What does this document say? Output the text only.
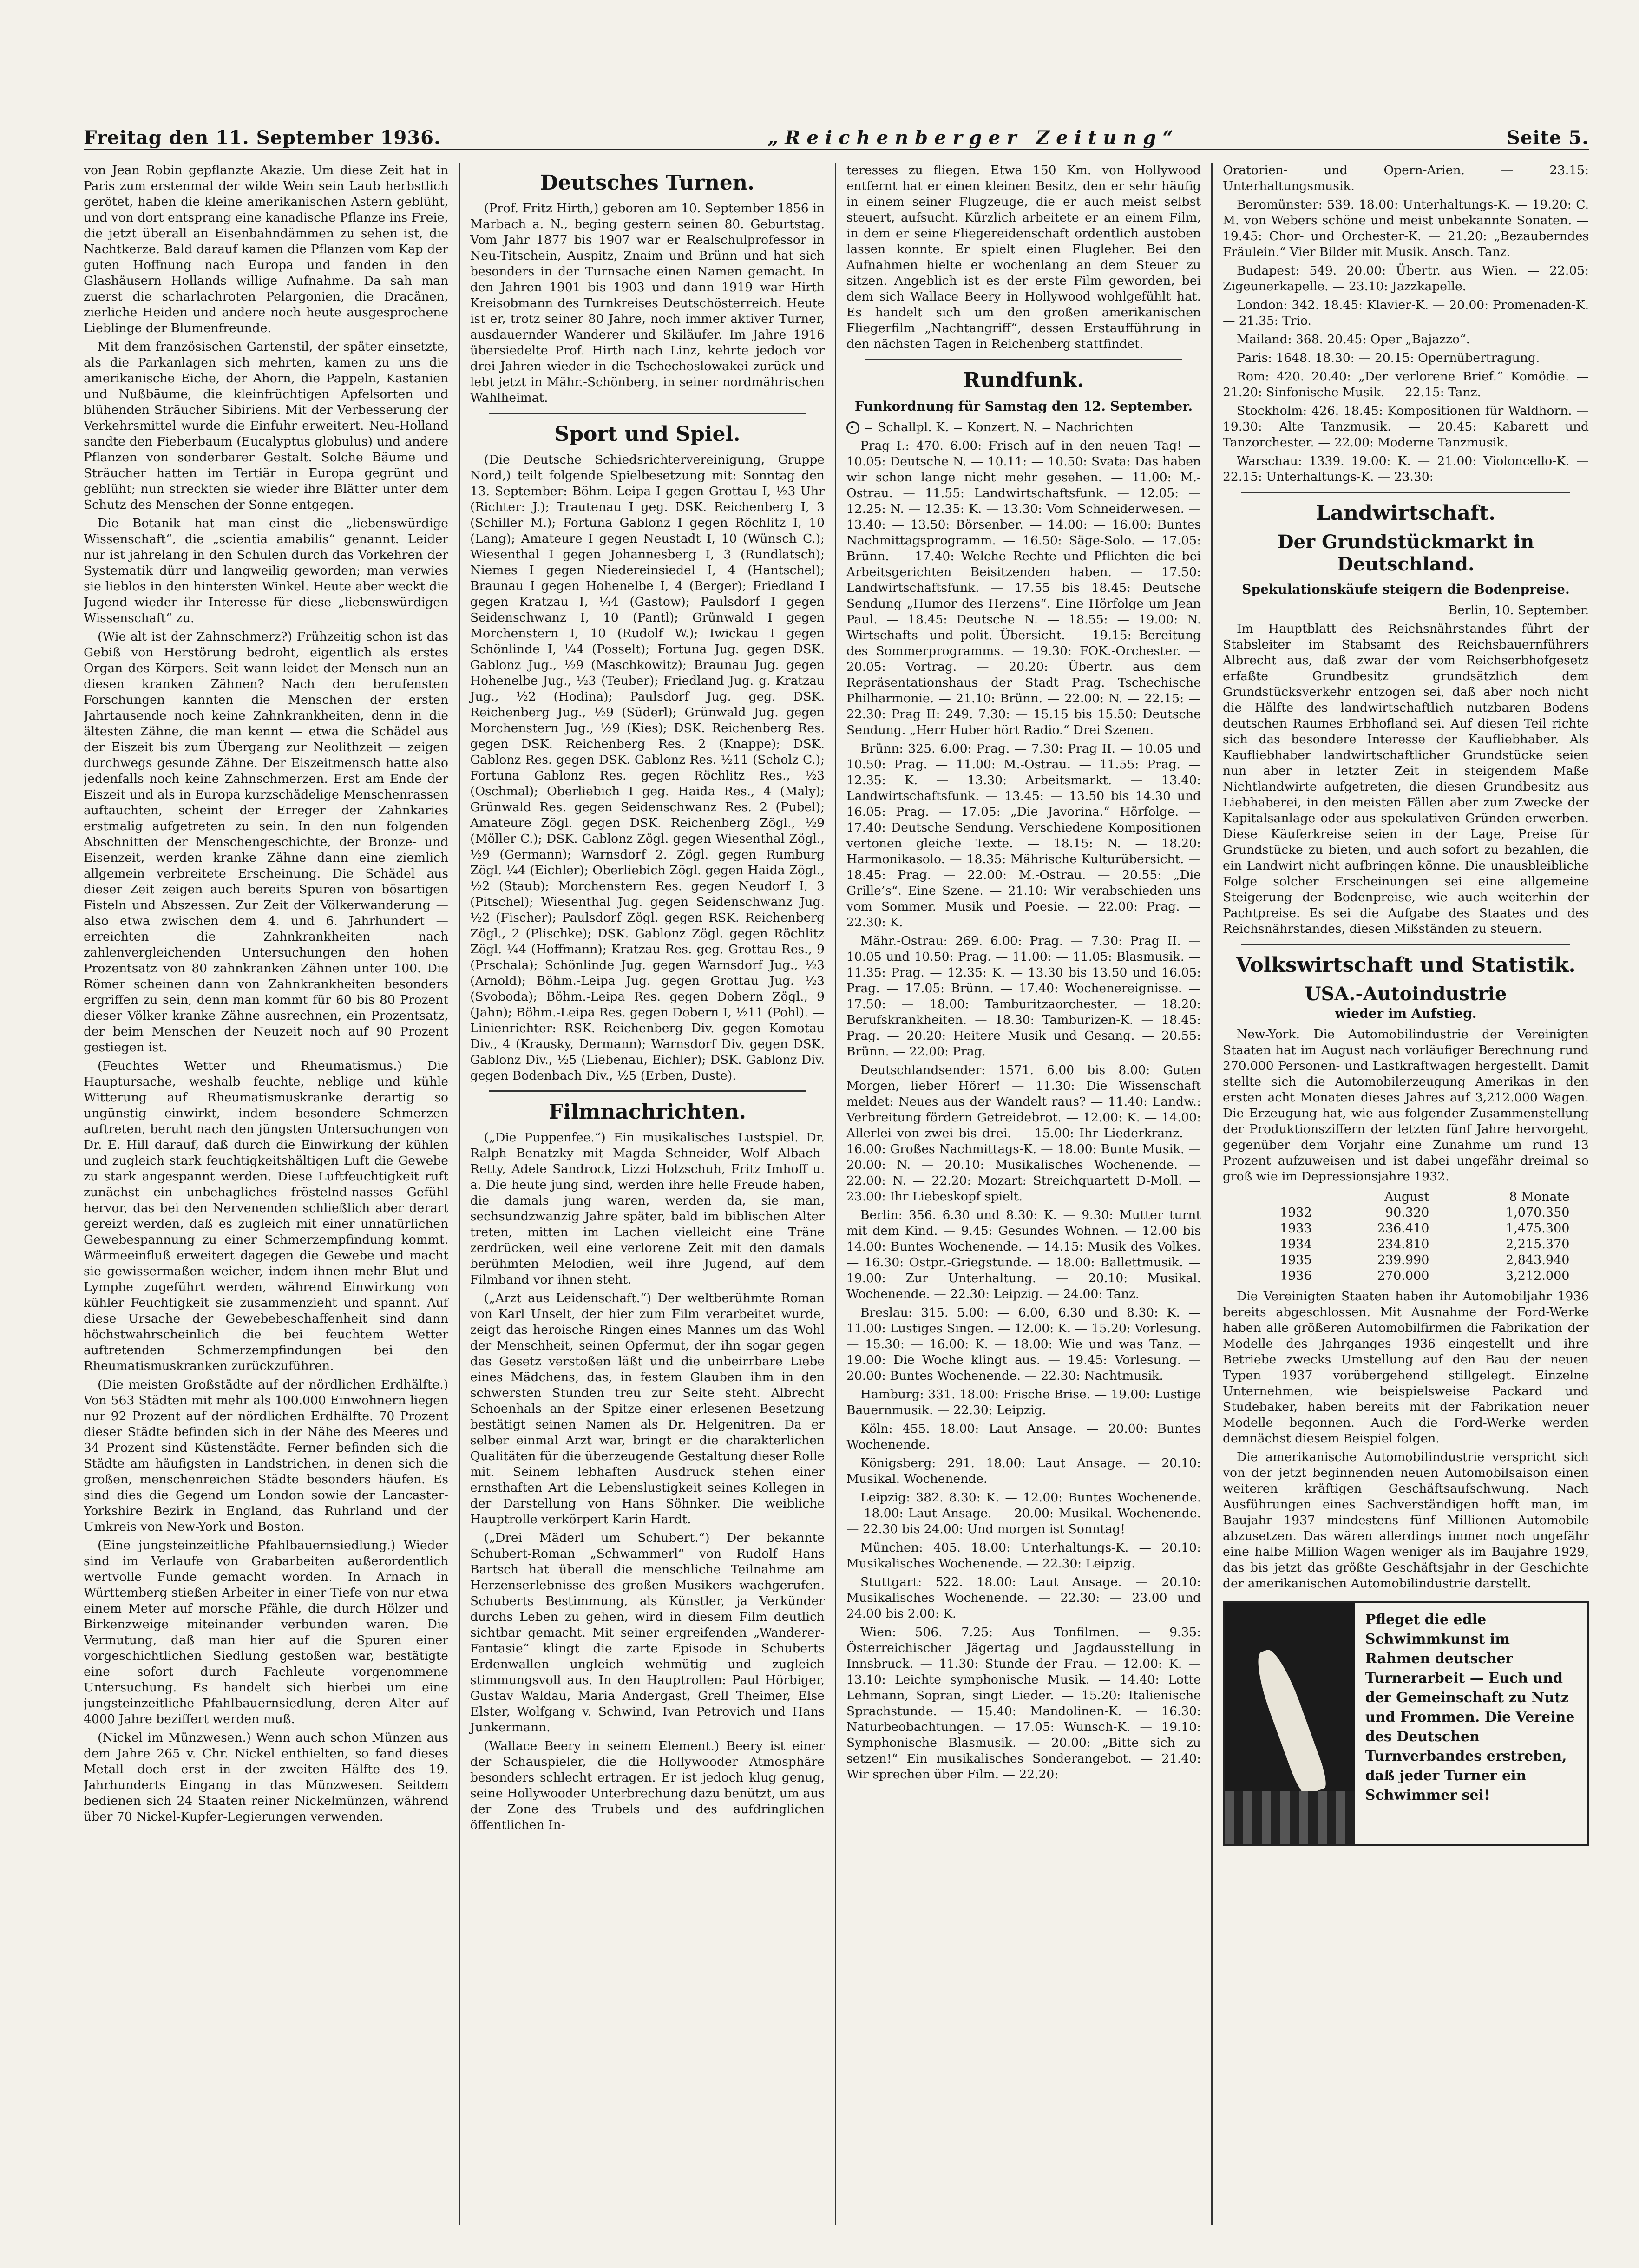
Freitag den 11. September 1936.	„Reichenberger Zeitung“	Seite 5.

von Jean Robin gepflanzte Akazie. Um diese Zeit hat in Paris zum erstenmal der wilde Wein sein Laub herbstlich gerötet, haben die kleine amerikanischen Astern geblüht, und von dort entsprang eine kanadische Pflanze ins Freie, die jetzt überall an Eisenbahndämmen zu sehen ist, die Nachtkerze. Bald darauf kamen die Pflanzen vom Kap der guten Hoffnung nach Europa und fanden in den Glashäusern Hollands willige Aufnahme. Da sah man zuerst die scharlachroten Pelargonien, die Dracänen, zierliche Heiden und andere noch heute ausgesprochene Lieblinge der Blumenfreunde.

Mit dem französischen Gartenstil, der später einsetzte, als die Parkanlagen sich mehrten, kamen zu uns die amerikanische Eiche, der Ahorn, die Pappeln, Kastanien und Nußbäume, die kleinfrüchtigen Apfelsorten und blühenden Sträucher Sibiriens. Mit der Verbesserung der Verkehrsmittel wurde die Einfuhr erweitert. Neu-Holland sandte den Fieberbaum (Eucalyptus globulus) und andere Pflanzen von sonderbarer Gestalt. Solche Bäume und Sträucher hatten im Tertiär in Europa gegrünt und geblüht; nun streckten sie wieder ihre Blätter unter dem Schutz des Menschen der Sonne entgegen.

Die Botanik hat man einst die „liebenswürdige Wissenschaft“, die „scientia amabilis“ genannt. Leider nur ist jahrelang in den Schulen durch das Vorkehren der Systematik dürr und langweilig geworden; man verwies sie lieblos in den hintersten Winkel. Heute aber weckt die Jugend wieder ihr Interesse für diese „liebenswürdigen Wissenschaft“ zu.

(Wie alt ist der Zahnschmerz?) Frühzeitig schon ist das Gebiß von Herstörung bedroht, eigentlich als erstes Organ des Körpers. Seit wann leidet der Mensch nun an diesen kranken Zähnen? Nach den berufensten Forschungen kannten die Menschen der ersten Jahrtausende noch keine Zahnkrankheiten, denn in die ältesten Zähne, die man kennt — etwa die Schädel aus der Eiszeit bis zum Übergang zur Neolithzeit — zeigen durchwegs gesunde Zähne. Der Eiszeitmensch hatte also jedenfalls noch keine Zahnschmerzen. Erst am Ende der Eiszeit und als in Europa kurzschädelige Menschenrassen auftauchten, scheint der Erreger der Zahnkaries erstmalig aufgetreten zu sein. In den nun folgenden Abschnitten der Menschengeschichte, der Bronze- und Eisenzeit, werden kranke Zähne dann eine ziemlich allgemein verbreitete Erscheinung. Die Schädel aus dieser Zeit zeigen auch bereits Spuren von bösartigen Fisteln und Abszessen. Zur Zeit der Völkerwanderung — also etwa zwischen dem 4. und 6. Jahrhundert — erreichten die Zahnkrankheiten nach zahlenvergleichenden Untersuchungen den hohen Prozentsatz von 80 zahnkranken Zähnen unter 100. Die Römer scheinen dann von Zahnkrankheiten besonders ergriffen zu sein, denn man kommt für 60 bis 80 Prozent dieser Völker kranke Zähne ausrechnen, ein Prozentsatz, der beim Menschen der Neuzeit noch auf 90 Prozent gestiegen ist.

(Feuchtes Wetter und Rheumatismus.) Die Hauptursache, weshalb feuchte, neblige und kühle Witterung auf Rheumatismuskranke derartig so ungünstig einwirkt, indem besondere Schmerzen auftreten, beruht nach den jüngsten Untersuchungen von Dr. E. Hill darauf, daß durch die Einwirkung der kühlen und zugleich stark feuchtigkeitshältigen Luft die Gewebe zu stark angespannt werden. Diese Luftfeuchtigkeit ruft zunächst ein unbehagliches fröstelnd-nasses Gefühl hervor, das bei den Nervenenden schließlich aber derart gereizt werden, daß es zugleich mit einer unnatürlichen Gewebespannung zu einer Schmerzempfindung kommt. Wärmeeinfluß erweitert dagegen die Gewebe und macht sie gewissermaßen weicher, indem ihnen mehr Blut und Lymphe zugeführt werden, während Einwirkung von kühler Feuchtigkeit sie zusammenzieht und spannt. Auf diese Ursache der Gewebebeschaffenheit sind dann höchstwahrscheinlich die bei feuchtem Wetter auftretenden Schmerzempfindungen bei den Rheumatismuskranken zurückzuführen.

(Die meisten Großstädte auf der nördlichen Erdhälfte.) Von 563 Städten mit mehr als 100.000 Einwohnern liegen nur 92 Prozent auf der nördlichen Erdhälfte. 70 Prozent dieser Städte befinden sich in der Nähe des Meeres und 34 Prozent sind Küstenstädte. Ferner befinden sich die Städte am häufigsten in Landstrichen, in denen sich die großen, menschenreichen Städte besonders häufen. Es sind dies die Gegend um London sowie der Lancaster-Yorkshire Bezirk in England, das Ruhrland und der Umkreis von New-York und Boston.

(Eine jungsteinzeitliche Pfahlbauernsiedlung.) Wieder sind im Verlaufe von Grabarbeiten außerordentlich wertvolle Funde gemacht worden. In Arnach in Württemberg stießen Arbeiter in einer Tiefe von nur etwa einem Meter auf morsche Pfähle, die durch Hölzer und Birkenzweige miteinander verbunden waren. Die Vermutung, daß man hier auf die Spuren einer vorgeschichtlichen Siedlung gestoßen war, bestätigte eine sofort durch Fachleute vorgenommene Untersuchung. Es handelt sich hierbei um eine jungsteinzeitliche Pfahlbauernsiedlung, deren Alter auf 4000 Jahre beziffert werden muß.

(Nickel im Münzwesen.) Wenn auch schon Münzen aus dem Jahre 265 v. Chr. Nickel enthielten, so fand dieses Metall doch erst in der zweiten Hälfte des 19. Jahrhunderts Eingang in das Münzwesen. Seitdem bedienen sich 24 Staaten reiner Nickelmünzen, während über 70 Nickel-Kupfer-Legierungen verwenden.

Deutsches Turnen.

(Prof. Fritz Hirth,) geboren am 10. September 1856 in Marbach a. N., beging gestern seinen 80. Geburtstag. Vom Jahr 1877 bis 1907 war er Realschulprofessor in Neu-Titschein, Auspitz, Znaim und Brünn und hat sich besonders in der Turnsache einen Namen gemacht. In den Jahren 1901 bis 1903 und dann 1919 war Hirth Kreisobmann des Turnkreises Deutschösterreich. Heute ist er, trotz seiner 80 Jahre, noch immer aktiver Turner, ausdauernder Wanderer und Skiläufer. Im Jahre 1916 übersiedelte Prof. Hirth nach Linz, kehrte jedoch vor drei Jahren wieder in die Tschechoslowakei zurück und lebt jetzt in Mähr.-Schönberg, in seiner nordmährischen Wahlheimat.

Sport und Spiel.

(Die Deutsche Schiedsrichtervereinigung, Gruppe Nord,) teilt folgende Spielbesetzung mit: Sonntag den 13. September: Böhm.-Leipa I gegen Grottau I, ½3 Uhr (Richter: J.); Trautenau I geg. DSK. Reichenberg I, 3 (Schiller M.); Fortuna Gablonz I gegen Röchlitz I, 10 (Lang); Amateure I gegen Neustadt I, 10 (Wünsch C.); Wiesenthal I gegen Johannesberg I, 3 (Rundlatsch); Niemes I gegen Niedereinsiedel I, 4 (Hantschel); Braunau I gegen Hohenelbe I, 4 (Berger); Friedland I gegen Kratzau I, ¼4 (Gastow); Paulsdorf I gegen Seidenschwanz I, 10 (Pantl); Grünwald I gegen Morchenstern I, 10 (Rudolf W.); Iwickau I gegen Schönlinde I, ¼4 (Posselt); Fortuna Jug. gegen DSK. Gablonz Jug., ½9 (Maschkowitz); Braunau Jug. gegen Hohenelbe Jug., ½3 (Teuber); Friedland Jug. g. Kratzau Jug., ½2 (Hodina); Paulsdorf Jug. geg. DSK. Reichenberg Jug., ½9 (Süderl); Grünwald Jug. gegen Morchenstern Jug., ½9 (Kies); DSK. Reichenberg Res. gegen DSK. Reichenberg Res. 2 (Knappe); DSK. Gablonz Res. gegen DSK. Gablonz Res. ½11 (Scholz C.); Fortuna Gablonz Res. gegen Röchlitz Res., ½3 (Oschmal); Oberliebich I geg. Haida Res., 4 (Maly); Grünwald Res. gegen Seidenschwanz Res. 2 (Pubel); Amateure Zögl. gegen DSK. Reichenberg Zögl., ½9 (Möller C.); DSK. Gablonz Zögl. gegen Wiesenthal Zögl., ½9 (Germann); Warnsdorf 2. Zögl. gegen Rumburg Zögl. ¼4 (Eichler); Oberliebich Zögl. gegen Haida Zögl., ½2 (Staub); Morchenstern Res. gegen Neudorf I, 3 (Pitschel); Wiesenthal Jug. gegen Seidenschwanz Jug. ½2 (Fischer); Paulsdorf Zögl. gegen RSK. Reichenberg Zögl., 2 (Plischke); DSK. Gablonz Zögl. gegen Röchlitz Zögl. ¼4 (Hoffmann); Kratzau Res. geg. Grottau Res., 9 (Prschala); Schönlinde Jug. gegen Warnsdorf Jug., ½3 (Arnold); Böhm.-Leipa Jug. gegen Grottau Jug. ½3 (Svoboda); Böhm.-Leipa Res. gegen Dobern Zögl., 9 (Jahn); Böhm.-Leipa Res. gegen Dobern I, ½11 (Pohl). — Linienrichter: RSK. Reichenberg Div. gegen Komotau Div., 4 (Krausky, Dermann); Warnsdorf Div. gegen DSK. Gablonz Div., ½5 (Liebenau, Eichler); DSK. Gablonz Div. gegen Bodenbach Div., ½5 (Erben, Duste).

Filmnachrichten.

(„Die Puppenfee.“) Ein musikalisches Lustspiel. Dr. Ralph Benatzky mit Magda Schneider, Wolf Albach-Retty, Adele Sandrock, Lizzi Holzschuh, Fritz Imhoff u. a. Die heute jung sind, werden ihre helle Freude haben, die damals jung waren, werden da, sie man, sechsundzwanzig Jahre später, bald im biblischen Alter treten, mitten im Lachen vielleicht eine Träne zerdrücken, weil eine verlorene Zeit mit den damals berühmten Melodien, weil ihre Jugend, auf dem Filmband vor ihnen steht.

(„Arzt aus Leidenschaft.“) Der weltberühmte Roman von Karl Unselt, der hier zum Film verarbeitet wurde, zeigt das heroische Ringen eines Mannes um das Wohl der Menschheit, seinen Opfermut, der ihn sogar gegen das Gesetz verstoßen läßt und die unbeirrbare Liebe eines Mädchens, das, in festem Glauben ihm in den schwersten Stunden treu zur Seite steht. Albrecht Schoenhals an der Spitze einer erlesenen Besetzung bestätigt seinen Namen als Dr. Helgenitren. Da er selber einmal Arzt war, bringt er die charakterlichen Qualitäten für die überzeugende Gestaltung dieser Rolle mit. Seinem lebhaften Ausdruck stehen einer ernsthaften Art die Lebenslustigkeit seines Kollegen in der Darstellung von Hans Söhnker. Die weibliche Hauptrolle verkörpert Karin Hardt.

(„Drei Mäderl um Schubert.“) Der bekannte Schubert-Roman „Schwammerl“ von Rudolf Hans Bartsch hat überall die menschliche Teilnahme am Herzenserlebnisse des großen Musikers wachgerufen. Schuberts Bestimmung, als Künstler, ja Verkünder durchs Leben zu gehen, wird in diesem Film deutlich sichtbar gemacht. Mit seiner ergreifenden „Wanderer-Fantasie“ klingt die zarte Episode in Schuberts Erdenwallen ungleich wehmütig und zugleich stimmungsvoll aus. In den Hauptrollen: Paul Hörbiger, Gustav Waldau, Maria Andergast, Grell Theimer, Else Elster, Wolfgang v. Schwind, Ivan Petrovich und Hans Junkermann.

(Wallace Beery in seinem Element.) Beery ist einer der Schauspieler, die die Hollywooder Atmosphäre besonders schlecht ertragen. Er ist jedoch klug genug, seine Hollywooder Unterbrechung dazu benützt, um aus der Zone des Trubels und des aufdringlichen öffentlichen In-

teresses zu fliegen. Etwa 150 Km. von Hollywood entfernt hat er einen kleinen Besitz, den er sehr häufig in einem seiner Flugzeuge, die er auch meist selbst steuert, aufsucht. Kürzlich arbeitete er an einem Film, in dem er seine Fliegereidenschaft ordentlich austoben lassen konnte. Er spielt einen Flugleher. Bei den Aufnahmen hielte er wochenlang an dem Steuer zu sitzen. Angeblich ist es der erste Film geworden, bei dem sich Wallace Beery in Hollywood wohlgefühlt hat. Es handelt sich um den großen amerikanischen Fliegerfilm „Nachtangriff“, dessen Erstaufführung in den nächsten Tagen in Reichenberg stattfindet.

Rundfunk.
Funkordnung für Samstag den 12. September.

= Schallpl. K. = Konzert. N. = Nachrichten

Prag I.: 470. 6.00: Frisch auf in den neuen Tag! — 10.05: Deutsche N. — 10.11: — 10.50: Svata: Das haben wir schon lange nicht mehr gesehen. — 11.00: M.-Ostrau. — 11.55: Landwirtschaftsfunk. — 12.05: — 12.25: N. — 12.35: K. — 13.30: Vom Schneiderwesen. — 13.40: — 13.50: Börsenber. — 14.00: — 16.00: Buntes Nachmittagsprogramm. — 16.50: Säge-Solo. — 17.05: Brünn. — 17.40: Welche Rechte und Pflichten die bei Arbeitsgerichten Beisitzenden haben. — 17.50: Landwirtschaftsfunk. — 17.55 bis 18.45: Deutsche Sendung „Humor des Herzens“. Eine Hörfolge um Jean Paul. — 18.45: Deutsche N. — 18.55: — 19.00: N. Wirtschafts- und polit. Übersicht. — 19.15: Bereitung des Sommerprogramms. — 19.30: FOK.-Orchester. — 20.05: Vortrag. — 20.20: Übertr. aus dem Repräsentationshaus der Stadt Prag. Tschechische Philharmonie. — 21.10: Brünn. — 22.00: N. — 22.15: — 22.30: Prag II: 249. 7.30: — 15.15 bis 15.50: Deutsche Sendung. „Herr Huber hört Radio.“ Drei Szenen.

Brünn: 325. 6.00: Prag. — 7.30: Prag II. — 10.05 und 10.50: Prag. — 11.00: M.-Ostrau. — 11.55: Prag. — 12.35: K. — 13.30: Arbeitsmarkt. — 13.40: Landwirtschaftsfunk. — 13.45: — 13.50 bis 14.30 und 16.05: Prag. — 17.05: „Die Javorina.“ Hörfolge. — 17.40: Deutsche Sendung. Verschiedene Kompositionen vertonen gleiche Texte. — 18.15: N. — 18.20: Harmonikasolo. — 18.35: Mährische Kulturübersicht. — 18.45: Prag. — 22.00: M.-Ostrau. — 20.55: „Die Grille’s“. Eine Szene. — 21.10: Wir verabschieden uns vom Sommer. Musik und Poesie. — 22.00: Prag. — 22.30: K.

Mähr.-Ostrau: 269. 6.00: Prag. — 7.30: Prag II. — 10.05 und 10.50: Prag. — 11.00: — 11.05: Blasmusik. — 11.35: Prag. — 12.35: K. — 13.30 bis 13.50 und 16.05: Prag. — 17.05: Brünn. — 17.40: Wochenereignisse. — 17.50: — 18.00: Tamburitzaorchester. — 18.20: Berufskrankheiten. — 18.30: Tamburizen-K. — 18.45: Prag. — 20.20: Heitere Musik und Gesang. — 20.55: Brünn. — 22.00: Prag.

Deutschlandsender: 1571. 6.00 bis 8.00: Guten Morgen, lieber Hörer! — 11.30: Die Wissenschaft meldet: Neues aus der Wandelt raus? — 11.40: Landw.: Verbreitung fördern Getreidebrot. — 12.00: K. — 14.00: Allerlei von zwei bis drei. — 15.00: Ihr Liederkranz. — 16.00: Großes Nachmittags-K. — 18.00: Bunte Musik. — 20.00: N. — 20.10: Musikalisches Wochenende. — 22.00: N. — 22.20: Mozart: Streichquartett D-Moll. — 23.00: Ihr Liebeskopf spielt.

Berlin: 356. 6.30 und 8.30: K. — 9.30: Mutter turnt mit dem Kind. — 9.45: Gesundes Wohnen. — 12.00 bis 14.00: Buntes Wochenende. — 14.15: Musik des Volkes. — 16.30: Ostpr.-Griegstunde. — 18.00: Ballettmusik. — 19.00: Zur Unterhaltung. — 20.10: Musikal. Wochenende. — 22.30: Leipzig. — 24.00: Tanz.

Breslau: 315. 5.00: — 6.00, 6.30 und 8.30: K. — 11.00: Lustiges Singen. — 12.00: K. — 15.20: Vorlesung. — 15.30: — 16.00: K. — 18.00: Wie und was Tanz. — 19.00: Die Woche klingt aus. — 19.45: Vorlesung. — 20.00: Buntes Wochenende. — 22.30: Nachtmusik.

Hamburg: 331. 18.00: Frische Brise. — 19.00: Lustige Bauernmusik. — 22.30: Leipzig.

Köln: 455. 18.00: Laut Ansage. — 20.00: Buntes Wochenende.

Königsberg: 291. 18.00: Laut Ansage. — 20.10: Musikal. Wochenende.

Leipzig: 382. 8.30: K. — 12.00: Buntes Wochenende. — 18.00: Laut Ansage. — 20.00: Musikal. Wochenende. — 22.30 bis 24.00: Und morgen ist Sonntag!

München: 405. 18.00: Unterhaltungs-K. — 20.10: Musikalisches Wochenende. — 22.30: Leipzig.

Stuttgart: 522. 18.00: Laut Ansage. — 20.10: Musikalisches Wochenende. — 22.30: — 23.00 und 24.00 bis 2.00: K.

Wien: 506. 7.25: Aus Tonfilmen. — 9.35: Österreichischer Jägertag und Jagdausstellung in Innsbruck. — 11.30: Stunde der Frau. — 12.00: K. — 13.10: Leichte symphonische Musik. — 14.40: Lotte Lehmann, Sopran, singt Lieder. — 15.20: Italienische Sprachstunde. — 15.40: Mandolinen-K. — 16.30: Naturbeobachtungen. — 17.05: Wunsch-K. — 19.10: Symphonische Blasmusik. — 20.00: „Bitte sich zu setzen!“ Ein musikalisches Sonderangebot. — 21.40: Wir sprechen über Film. — 22.20:

Oratorien- und Opern-Arien. — 23.15: Unterhaltungsmusik.

Beromünster: 539. 18.00: Unterhaltungs-K. — 19.20: C. M. von Webers schöne und meist unbekannte Sonaten. — 19.45: Chor- und Orchester-K. — 21.20: „Bezauberndes Fräulein.“ Vier Bilder mit Musik. Ansch. Tanz.

Budapest: 549. 20.00: Übertr. aus Wien. — 22.05: Zigeunerkapelle. — 23.10: Jazzkapelle.

London: 342. 18.45: Klavier-K. — 20.00: Promenaden-K. — 21.35: Trio.

Mailand: 368. 20.45: Oper „Bajazzo“.

Paris: 1648. 18.30: — 20.15: Opernübertragung.

Rom: 420. 20.40: „Der verlorene Brief.“ Komödie. — 21.20: Sinfonische Musik. — 22.15: Tanz.

Stockholm: 426. 18.45: Kompositionen für Waldhorn. — 19.30: Alte Tanzmusik. — 20.45: Kabarett und Tanzorchester. — 22.00: Moderne Tanzmusik.

Warschau: 1339. 19.00: K. — 21.00: Violoncello-K. — 22.15: Unterhaltungs-K. — 23.30:

Landwirtschaft.
Der Grundstückmarkt in Deutschland.
Spekulationskäufe steigern die Bodenpreise.

Berlin, 10. September.

Im Hauptblatt des Reichsnährstandes führt der Stabsleiter im Stabsamt des Reichsbauernführers Albrecht aus, daß zwar der vom Reichserbhofgesetz erfaßte Grundbesitz grundsätzlich dem Grundstücksverkehr entzogen sei, daß aber noch nicht die Hälfte des landwirtschaftlich nutzbaren Bodens deutschen Raumes Erbhofland sei. Auf diesen Teil richte sich das besondere Interesse der Kaufliebhaber. Als Kaufliebhaber landwirtschaftlicher Grundstücke seien nun aber in letzter Zeit in steigendem Maße Nichtlandwirte aufgetreten, die diesen Grundbesitz aus Liebhaberei, in den meisten Fällen aber zum Zwecke der Kapitalsanlage oder aus spekulativen Gründen erwerben. Diese Käuferkreise seien in der Lage, Preise für Grundstücke zu bieten, und auch sofort zu bezahlen, die ein Landwirt nicht aufbringen könne. Die unausbleibliche Folge solcher Erscheinungen sei eine allgemeine Steigerung der Bodenpreise, wie auch weiterhin der Pachtpreise. Es sei die Aufgabe des Staates und des Reichsnährstandes, diesen Mißständen zu steuern.

Volkswirtschaft und Statistik.
USA.-Autoindustrie
wieder im Aufstieg.

New-York. Die Automobilindustrie der Vereinigten Staaten hat im August nach vorläufiger Berechnung rund 270.000 Personen- und Lastkraftwagen hergestellt. Damit stellte sich die Automobilerzeugung Amerikas in den ersten acht Monaten dieses Jahres auf 3,212.000 Wagen. Die Erzeugung hat, wie aus folgender Zusammenstellung der Produktionsziffern der letzten fünf Jahre hervorgeht, gegenüber dem Vorjahr eine Zunahme um rund 13 Prozent aufzuweisen und ist dabei ungefähr dreimal so groß wie im Depressionsjahre 1932.

	August	8 Monate
1932	90.320	1,070.350
1933	236.410	1,475.300
1934	234.810	2,215.370
1935	239.990	2,843.940
1936	270.000	3,212.000

Die Vereinigten Staaten haben ihr Automobiljahr 1936 bereits abgeschlossen. Mit Ausnahme der Ford-Werke haben alle größeren Automobilfirmen die Fabrikation der Modelle des Jahrganges 1936 eingestellt und ihre Betriebe zwecks Umstellung auf den Bau der neuen Typen 1937 vorübergehend stillgelegt. Einzelne Unternehmen, wie beispielsweise Packard und Studebaker, haben bereits mit der Fabrikation neuer Modelle begonnen. Auch die Ford-Werke werden demnächst diesem Beispiel folgen.

Die amerikanische Automobilindustrie verspricht sich von der jetzt beginnenden neuen Automobilsaison einen weiteren kräftigen Geschäftsaufschwung. Nach Ausführungen eines Sachverständigen hofft man, im Baujahr 1937 mindestens fünf Millionen Automobile abzusetzen. Das wären allerdings immer noch ungefähr eine halbe Million Wagen weniger als im Baujahre 1929, das bis jetzt das größte Geschäftsjahr in der Geschichte der amerikanischen Automobilindustrie darstellt.

Pfleget die edle Schwimmkunst im Rahmen deutscher Turnerarbeit — Euch und der Gemeinschaft zu Nutz und Frommen. Die Vereine des Deutschen Turnverbandes erstreben, daß jeder Turner ein Schwimmer sei!
